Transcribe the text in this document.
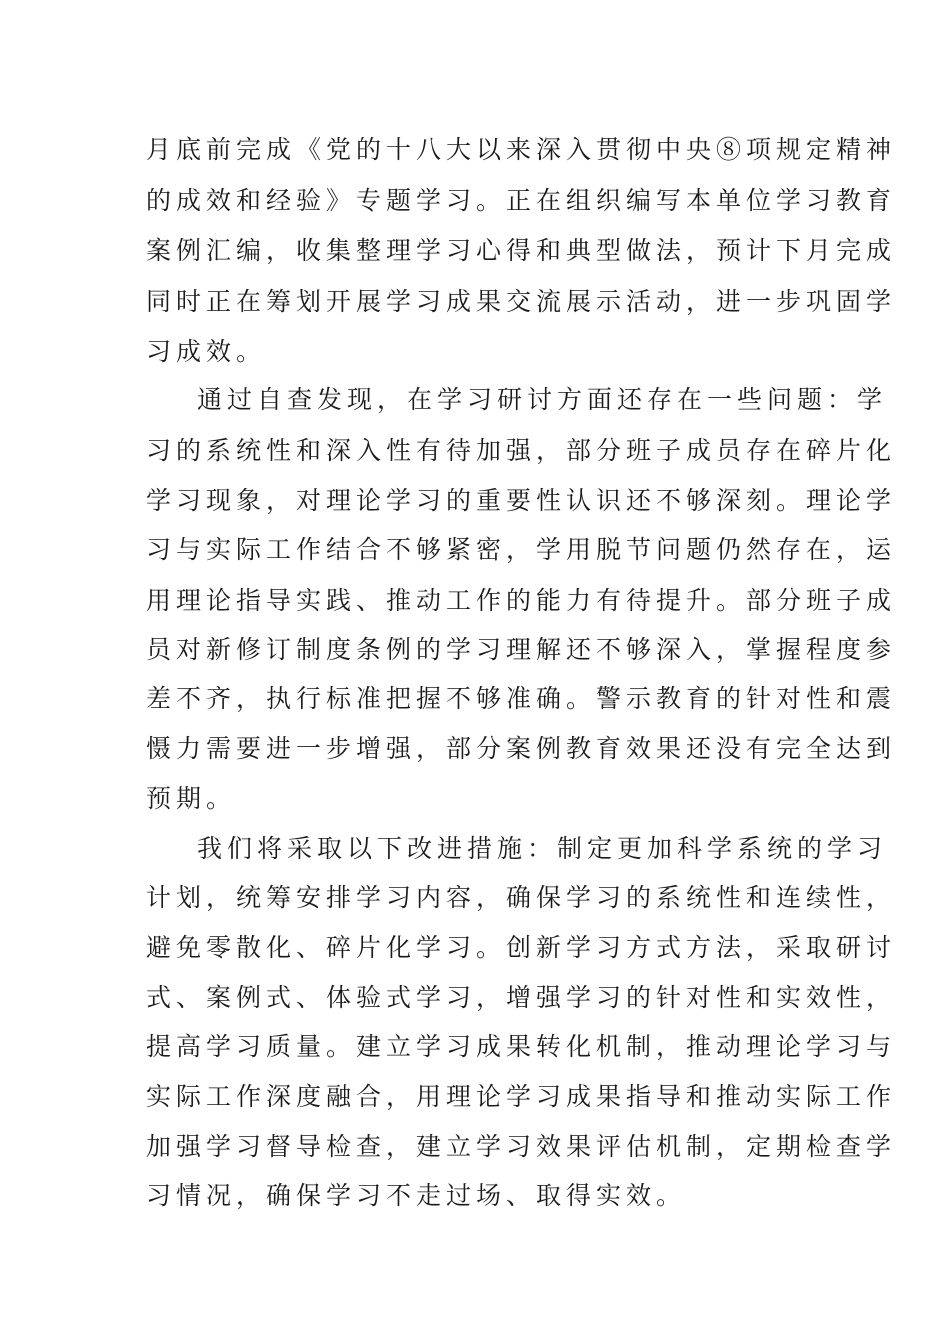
月底前完成《党的十八大以来深入贯彻中央⑧项规定精神
的成效和经验》专题学习。正在组织编写本单位学习教育
案例汇编，收集整理学习心得和典型做法，预计下月完成
同时正在筹划开展学习成果交流展示活动，进一步巩固学
习成效。
通过自查发现，在学习研讨方面还存在一些问题：学
习的系统性和深入性有待加强，部分班子成员存在碎片化
学习现象，对理论学习的重要性认识还不够深刻。理论学
习与实际工作结合不够紧密，学用脱节问题仍然存在，运
用理论指导实践、推动工作的能力有待提升。部分班子成
员对新修订制度条例的学习理解还不够深入，掌握程度参
差不齐，执行标准把握不够准确。警示教育的针对性和震
慑力需要进一步增强，部分案例教育效果还没有完全达到
预期。
我们将采取以下改进措施：制定更加科学系统的学习
计划，统筹安排学习内容，确保学习的系统性和连续性，
避免零散化、碎片化学习。创新学习方式方法，采取研讨
式、案例式、体验式学习，增强学习的针对性和实效性，
提高学习质量。建立学习成果转化机制，推动理论学习与
实际工作深度融合，用理论学习成果指导和推动实际工作
加强学习督导检查，建立学习效果评估机制，定期检查学
习情况，确保学习不走过场、取得实效。
